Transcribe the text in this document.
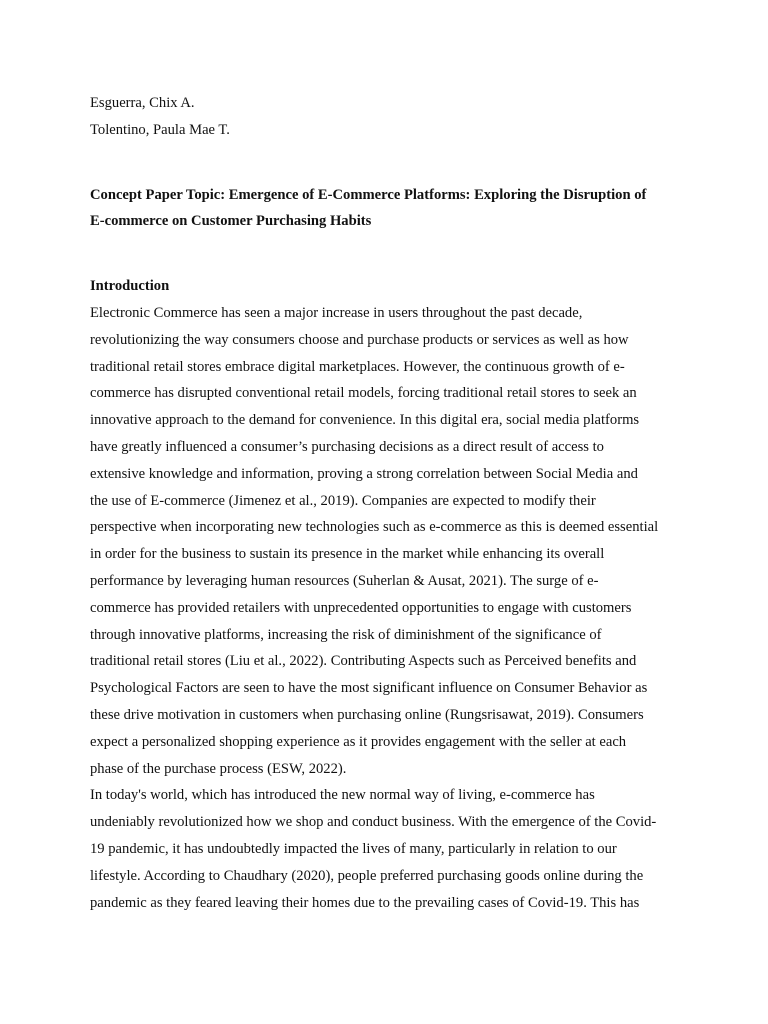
Esguerra, Chix A.
Tolentino, Paula Mae T.
Concept Paper Topic: Emergence of E-Commerce Platforms: Exploring the Disruption of
E-commerce on Customer Purchasing Habits
Introduction
Electronic Commerce has seen a major increase in users throughout the past decade,
revolutionizing the way consumers choose and purchase products or services as well as how
traditional retail stores embrace digital marketplaces. However, the continuous growth of e-
commerce has disrupted conventional retail models, forcing traditional retail stores to seek an
innovative approach to the demand for convenience. In this digital era, social media platforms
have greatly influenced a consumer’s purchasing decisions as a direct result of access to
extensive knowledge and information, proving a strong correlation between Social Media and
the use of E-commerce (Jimenez et al., 2019). Companies are expected to modify their
perspective when incorporating new technologies such as e-commerce as this is deemed essential
in order for the business to sustain its presence in the market while enhancing its overall
performance by leveraging human resources (Suherlan & Ausat, 2021). The surge of e-
commerce has provided retailers with unprecedented opportunities to engage with customers
through innovative platforms, increasing the risk of diminishment of the significance of
traditional retail stores (Liu et al., 2022). Contributing Aspects such as Perceived benefits and
Psychological Factors are seen to have the most significant influence on Consumer Behavior as
these drive motivation in customers when purchasing online (Rungsrisawat, 2019). Consumers
expect a personalized shopping experience as it provides engagement with the seller at each
phase of the purchase process (ESW, 2022).
In today's world, which has introduced the new normal way of living, e-commerce has
undeniably revolutionized how we shop and conduct business. With the emergence of the Covid-
19 pandemic, it has undoubtedly impacted the lives of many, particularly in relation to our
lifestyle. According to Chaudhary (2020), people preferred purchasing goods online during the
pandemic as they feared leaving their homes due to the prevailing cases of Covid-19. This has
